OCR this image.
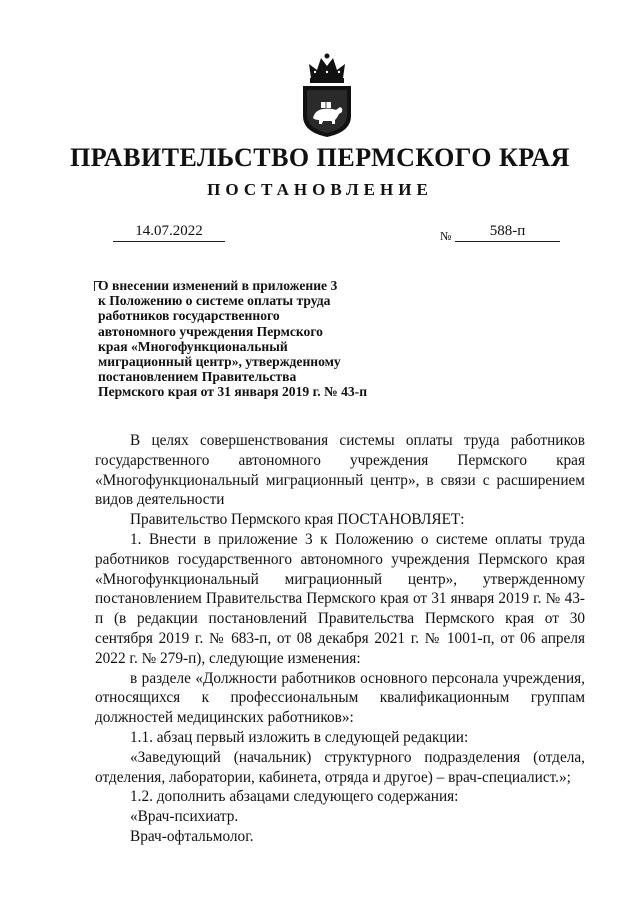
ПРАВИТЕЛЬСТВО ПЕРМСКОГО КРАЯ
ПОСТАНОВЛЕНИЕ
14.07.2022	№	588-п
О внесении изменений в приложение 3
к Положению о системе оплаты труда
работников государственного
автономного учреждения Пермского
края «Многофункциональный
миграционный центр», утвержденному
постановлением Правительства
Пермского края от 31 января 2019 г. № 43-п

В целях совершенствования системы оплаты труда работников государственного автономного учреждения Пермского края «Многофункциональный миграционный центр», в связи с расширением видов деятельности

Правительство Пермского края ПОСТАНОВЛЯЕТ:

1. Внести в приложение 3 к Положению о системе оплаты труда работников государственного автономного учреждения Пермского края «Многофункциональный миграционный центр», утвержденному постановлением Правительства Пермского края от 31 января 2019 г. № 43-п (в редакции постановлений Правительства Пермского края от 30 сентября 2019 г. № 683-п, от 08 декабря 2021 г. № 1001-п, от 06 апреля 2022 г. № 279-п), следующие изменения:

в разделе «Должности работников основного персонала учреждения, относящихся к профессиональным квалификационным группам должностей медицинских работников»:

1.1. абзац первый изложить в следующей редакции:

«Заведующий (начальник) структурного подразделения (отдела, отделения, лаборатории, кабинета, отряда и другое) – врач-специалист.»;

1.2. дополнить абзацами следующего содержания:

«Врач-психиатр.

Врач-офтальмолог.
